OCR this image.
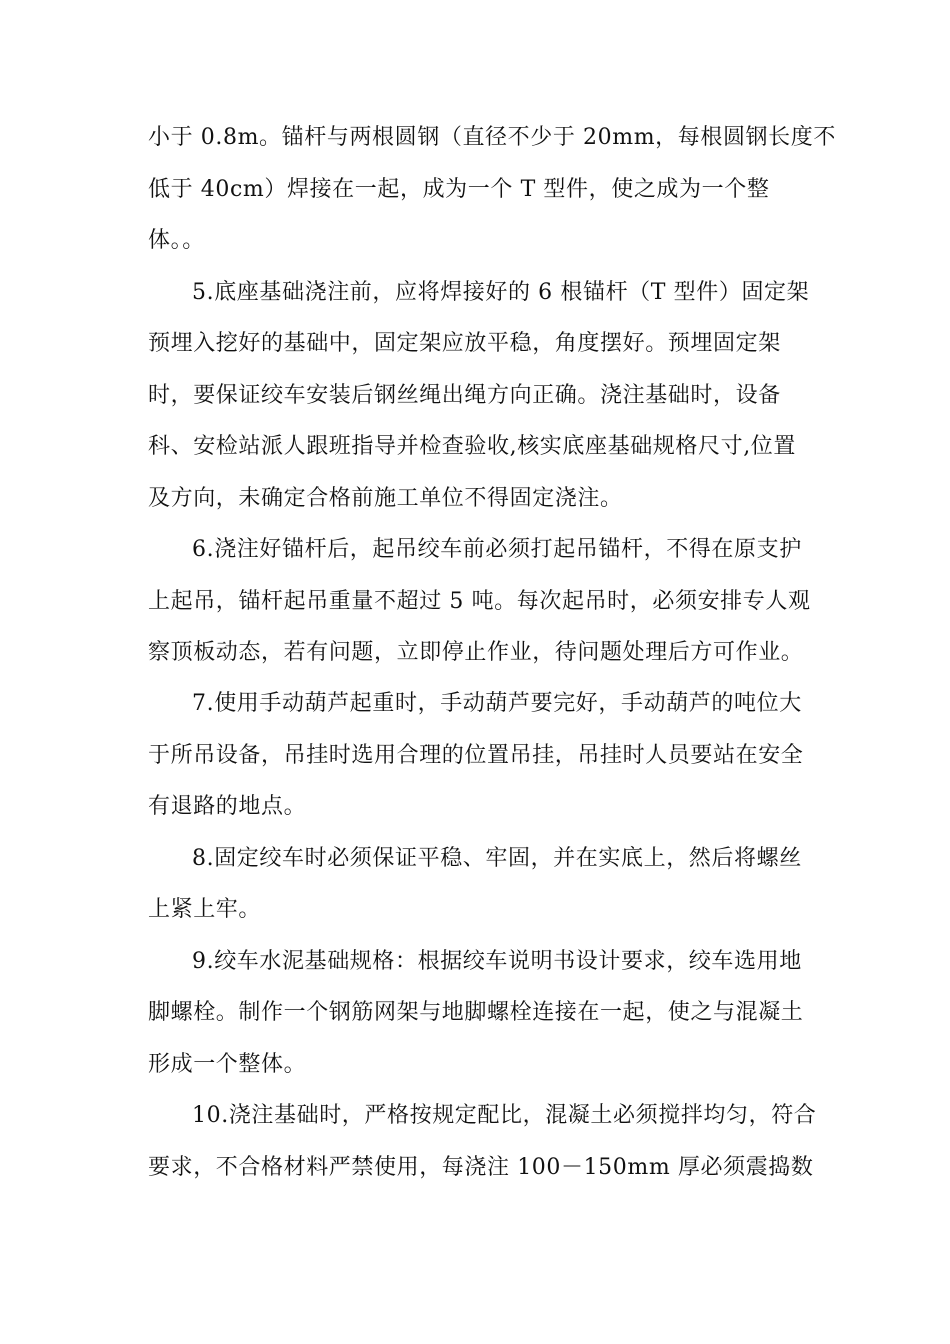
小于 0.8m。锚杆与两根圆钢（直径不少于 20mm，每根圆钢长度不
低于 40cm）焊接在一起，成为一个 T 型件，使之成为一个整
体。。
5.底座基础浇注前，应将焊接好的 6 根锚杆（T 型件）固定架
预埋入挖好的基础中，固定架应放平稳，角度摆好。预埋固定架
时，要保证绞车安装后钢丝绳出绳方向正确。浇注基础时，设备
科、安检站派人跟班指导并检查验收,核实底座基础规格尺寸,位置
及方向，未确定合格前施工单位不得固定浇注。
6.浇注好锚杆后，起吊绞车前必须打起吊锚杆，不得在原支护
上起吊，锚杆起吊重量不超过 5 吨。每次起吊时，必须安排专人观
察顶板动态，若有问题，立即停止作业，待问题处理后方可作业。
7.使用手动葫芦起重时，手动葫芦要完好，手动葫芦的吨位大
于所吊设备，吊挂时选用合理的位置吊挂，吊挂时人员要站在安全
有退路的地点。
8.固定绞车时必须保证平稳、牢固，并在实底上，然后将螺丝
上紧上牢。
9.绞车水泥基础规格：根据绞车说明书设计要求，绞车选用地
脚螺栓。制作一个钢筋网架与地脚螺栓连接在一起，使之与混凝土
形成一个整体。
10.浇注基础时，严格按规定配比，混凝土必须搅拌均匀，符合
要求，不合格材料严禁使用，每浇注 100－150mm 厚必须震捣数
